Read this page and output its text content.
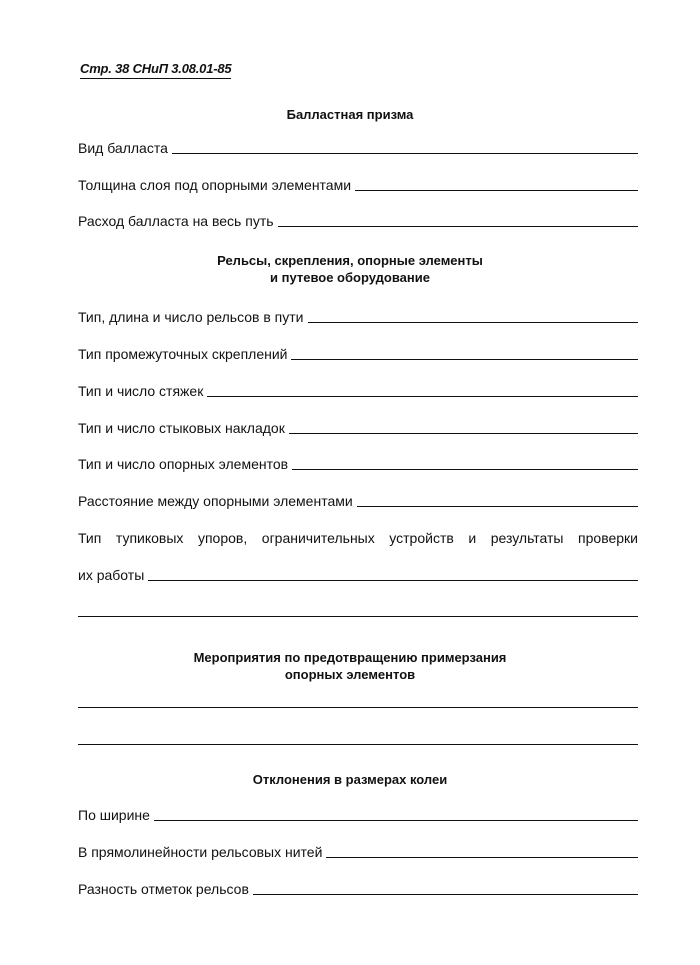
Стр. 38 СНиП 3.08.01-85
Балластная призма
Вид балласта
Толщина слоя под опорными элементами
Расход балласта на весь путь
Рельсы, скрепления, опорные элементы
и путевое оборудование
Тип, длина и число рельсов в пути
Тип промежуточных скреплений
Тип и число стяжек
Тип и число стыковых накладок
Тип и число опорных элементов
Расстояние между опорными элементами
Тип тупиковых упоров, ограничительных устройств и результаты проверки
их работы
Мероприятия по предотвращению примерзания
опорных элементов
Отклонения в размерах колеи
По ширине
В прямолинейности рельсовых нитей
Разность отметок рельсов
